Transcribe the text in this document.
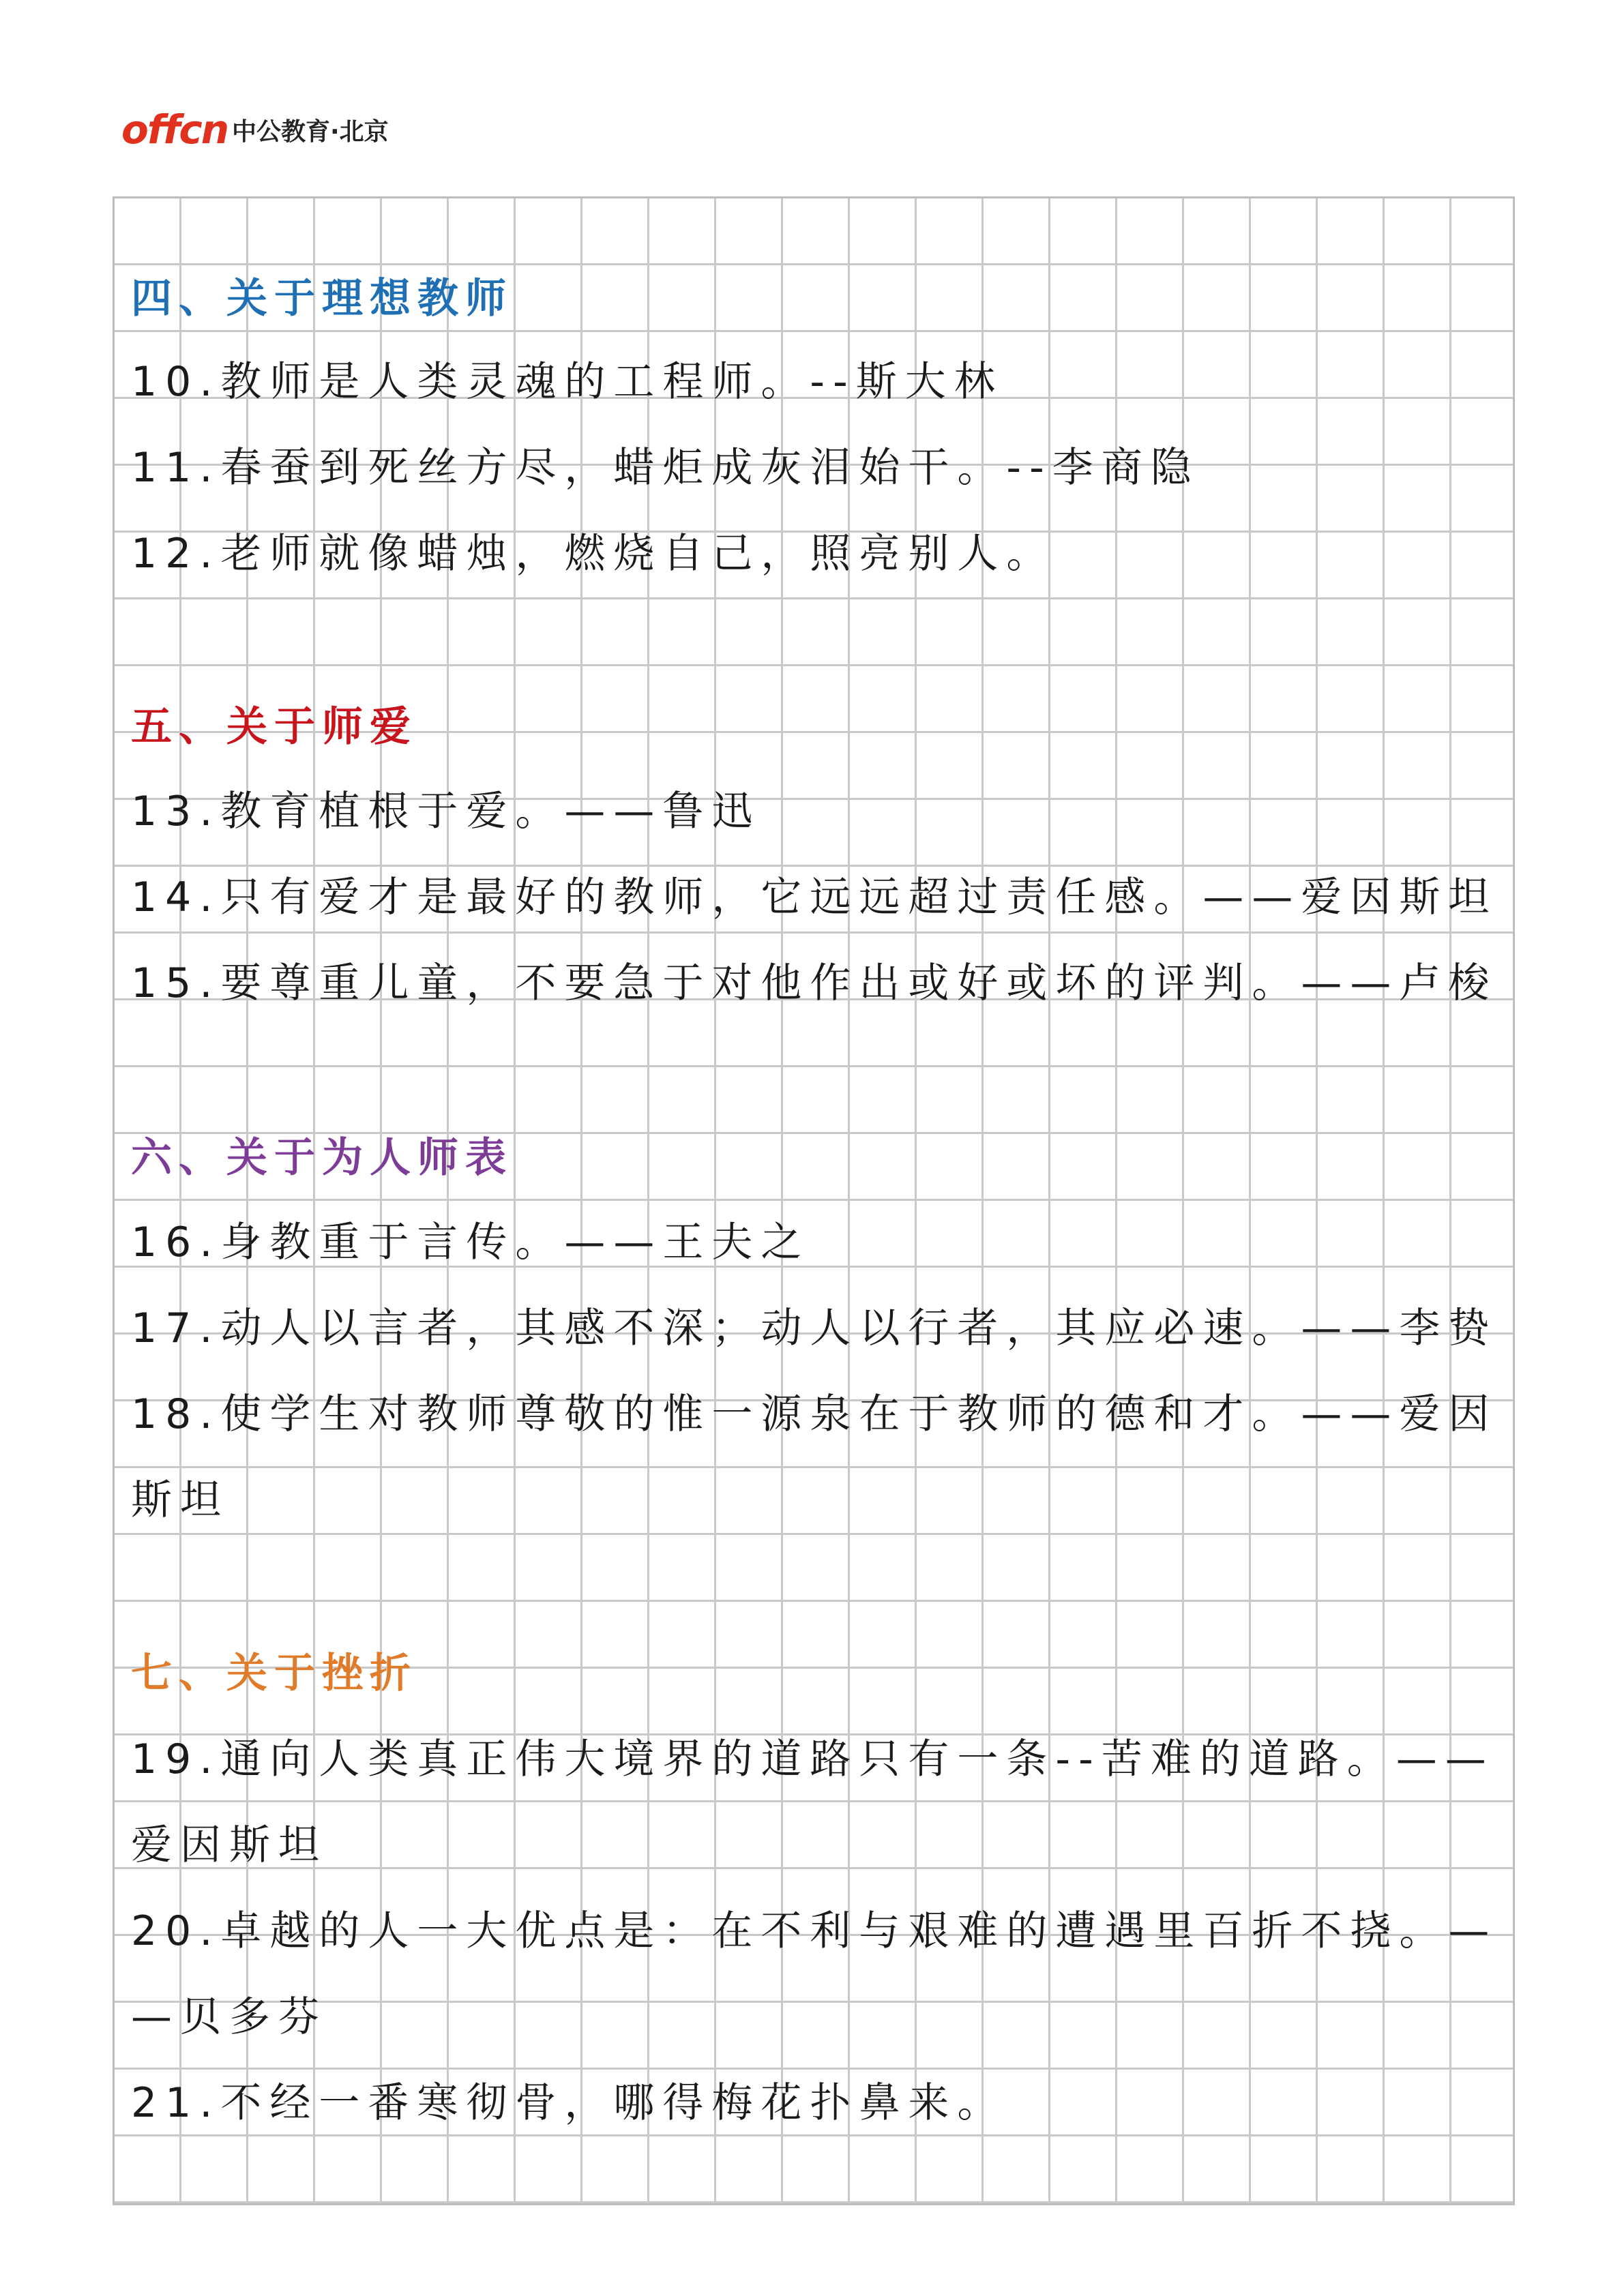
offcn 中公教育·北京
四、关于理想教师
10.教师是人类灵魂的工程师。--斯大林
11.春蚕到死丝方尽，蜡炬成灰泪始干。--李商隐
12.老师就像蜡烛，燃烧自己，照亮别人。
五、关于师爱
13.教育植根于爱。——鲁迅
14.只有爱才是最好的教师，它远远超过责任感。——爱因斯坦
15.要尊重儿童，不要急于对他作出或好或坏的评判。——卢梭
六、关于为人师表
16.身教重于言传。——王夫之
17.动人以言者，其感不深；动人以行者，其应必速。——李贽
18.使学生对教师尊敬的惟一源泉在于教师的德和才。——爱因
斯坦
七、关于挫折
19.通向人类真正伟大境界的道路只有一条--苦难的道路。——
爱因斯坦
20.卓越的人一大优点是：在不利与艰难的遭遇里百折不挠。—
—贝多芬
21.不经一番寒彻骨，哪得梅花扑鼻来。
